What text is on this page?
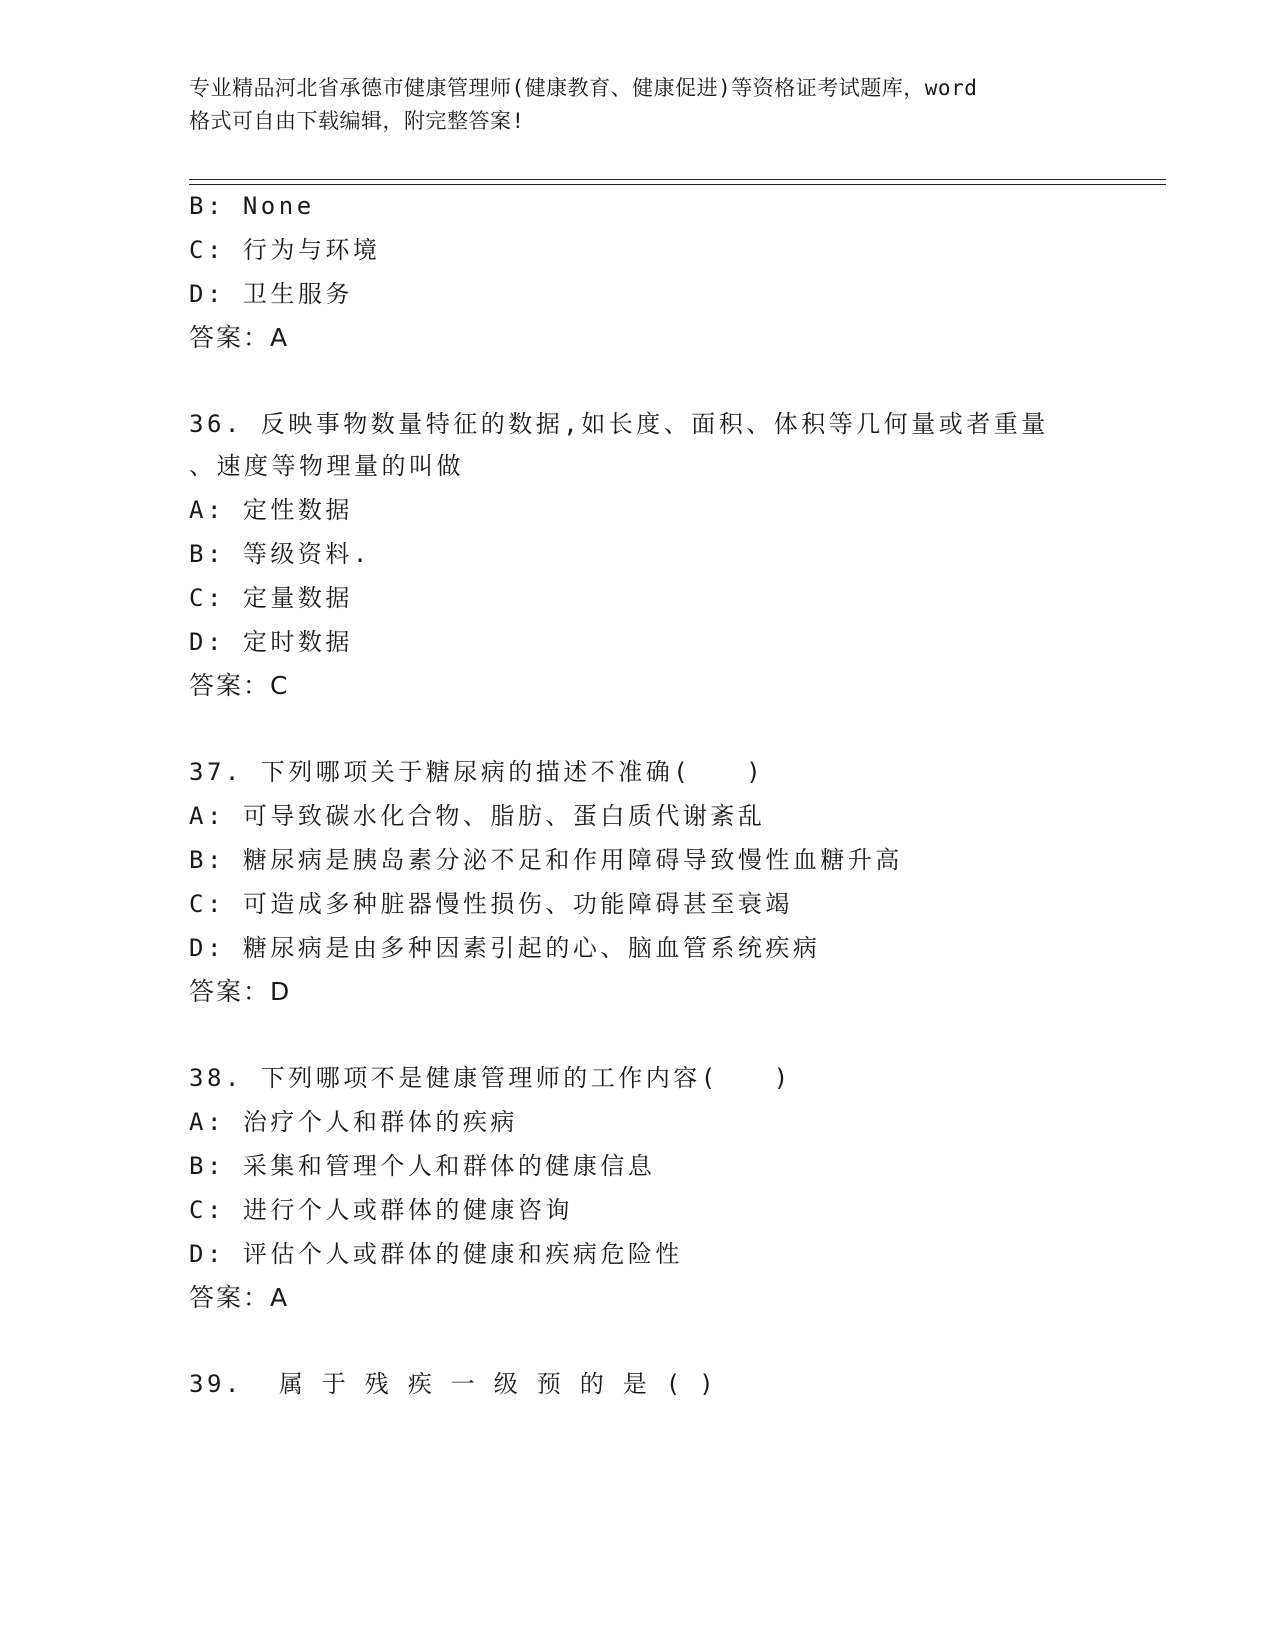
专业精品河北省承德市健康管理师(健康教育、健康促进)等资格证考试题库，word
格式可自由下载编辑，附完整答案!
B: None
C: 行为与环境
D: 卫生服务
答案：A
36. 反映事物数量特征的数据,如长度、面积、体积等几何量或者重量
、速度等物理量的叫做
A: 定性数据
B: 等级资料.
C: 定量数据
D: 定时数据
答案：C
37. 下列哪项关于糖尿病的描述不准确(　　)
A: 可导致碳水化合物、脂肪、蛋白质代谢紊乱
B: 糖尿病是胰岛素分泌不足和作用障碍导致慢性血糖升高
C: 可造成多种脏器慢性损伤、功能障碍甚至衰竭
D: 糖尿病是由多种因素引起的心、脑血管系统疾病
答案：D
38. 下列哪项不是健康管理师的工作内容(　　)
A: 治疗个人和群体的疾病
B: 采集和管理个人和群体的健康信息
C: 进行个人或群体的健康咨询
D: 评估个人或群体的健康和疾病危险性
答案：A
39. 属于残疾一级预的是()
